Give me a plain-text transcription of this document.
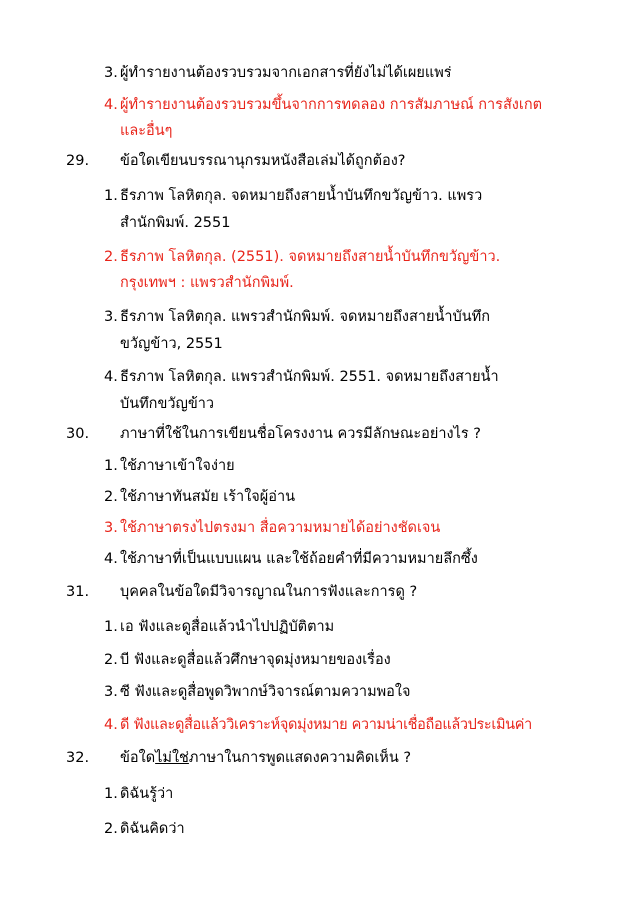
3. ผู้ทำรายงานต้องรวบรวมจากเอกสารที่ยังไม่ได้เผยแพร่
4. ผู้ทำรายงานต้องรวบรวมขึ้นจากการทดลอง การสัมภาษณ์ การสังเกต
และอื่นๆ
29. ข้อใดเขียนบรรณานุกรมหนังสือเล่มได้ถูกต้อง?
1. ธีรภาพ โลหิตกุล. จดหมายถึงสายน้ำบันทึกขวัญข้าว. แพรว
สำนักพิมพ์. 2551
2. ธีรภาพ โลหิตกุล. (2551). จดหมายถึงสายน้ำบันทึกขวัญข้าว.
กรุงเทพฯ : แพรวสำนักพิมพ์.
3. ธีรภาพ โลหิตกุล. แพรวสำนักพิมพ์. จดหมายถึงสายน้ำบันทึก
ขวัญข้าว, 2551
4. ธีรภาพ โลหิตกุล. แพรวสำนักพิมพ์. 2551. จดหมายถึงสายน้ำ
บันทึกขวัญข้าว
30. ภาษาที่ใช้ในการเขียนชื่อโครงงาน ควรมีลักษณะอย่างไร ?
1. ใช้ภาษาเข้าใจง่าย
2. ใช้ภาษาทันสมัย เร้าใจผู้อ่าน
3. ใช้ภาษาตรงไปตรงมา สื่อความหมายได้อย่างชัดเจน
4. ใช้ภาษาที่เป็นแบบแผน และใช้ถ้อยคำที่มีความหมายลึกซึ้ง
31. บุคคลในข้อใดมีวิจารญาณในการฟังและการดู ?
1. เอ ฟังและดูสื่อแล้วนำไปปฏิบัติตาม
2. บี ฟังและดูสื่อแล้วศึกษาจุดมุ่งหมายของเรื่อง
3. ซี ฟังและดูสื่อพูดวิพากษ์วิจารณ์ตามความพอใจ
4. ดี ฟังและดูสื่อแล้ววิเคราะห์จุดมุ่งหมาย ความน่าเชื่อถือแล้วประเมินค่า
32. ข้อใดไม่ใช่ภาษาในการพูดแสดงความคิดเห็น ?
1. ดิฉันรู้ว่า
2. ดิฉันคิดว่า
